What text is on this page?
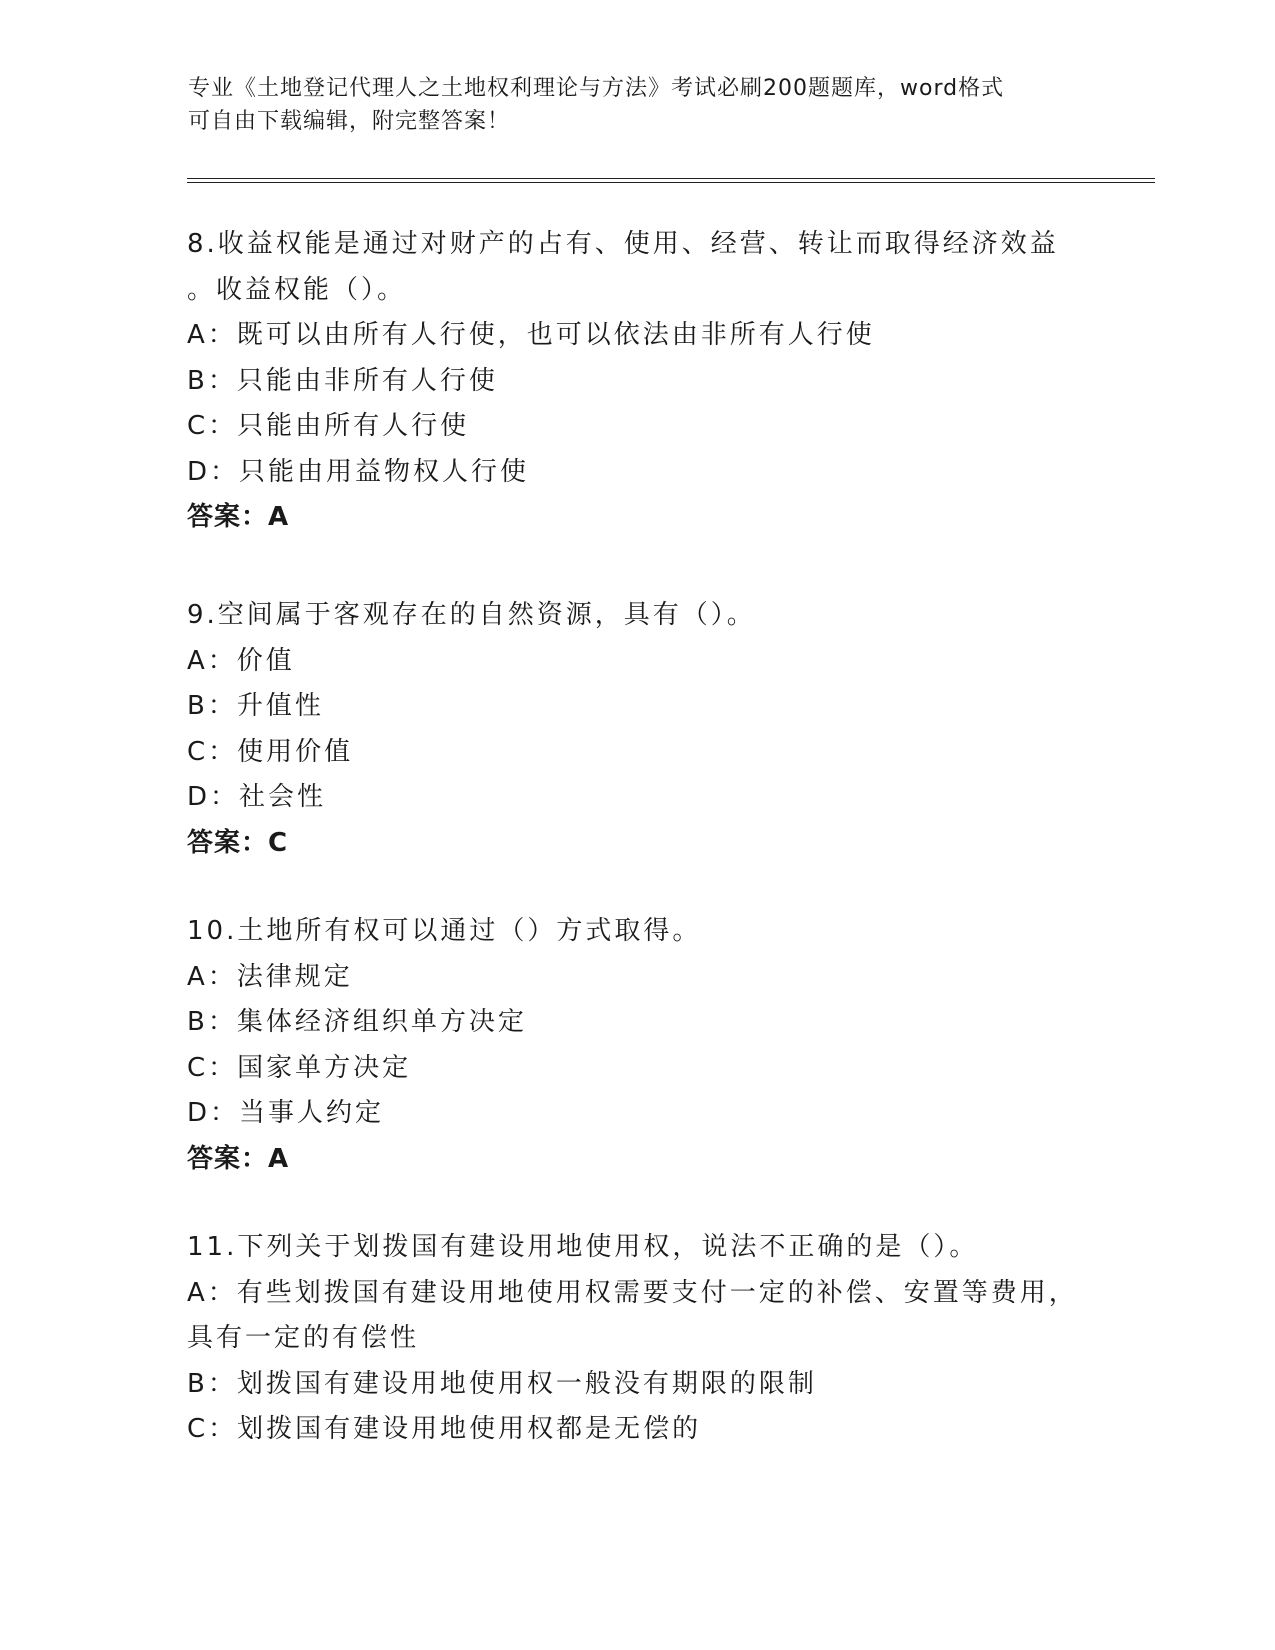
专业《土地登记代理人之土地权利理论与方法》考试必刷200题题库，word格式
可自由下载编辑，附完整答案！
8.收益权能是通过对财产的占有、使用、经营、转让而取得经济效益
。收益权能（）。
A：既可以由所有人行使，也可以依法由非所有人行使
B：只能由非所有人行使
C：只能由所有人行使
D：只能由用益物权人行使
答案：A
9.空间属于客观存在的自然资源，具有（）。
A：价值
B：升值性
C：使用价值
D：社会性
答案：C
10.土地所有权可以通过（）方式取得。
A：法律规定
B：集体经济组织单方决定
C：国家单方决定
D：当事人约定
答案：A
11.下列关于划拨国有建设用地使用权，说法不正确的是（）。
A：有些划拨国有建设用地使用权需要支付一定的补偿、安置等费用，
具有一定的有偿性
B：划拨国有建设用地使用权一般没有期限的限制
C：划拨国有建设用地使用权都是无偿的
